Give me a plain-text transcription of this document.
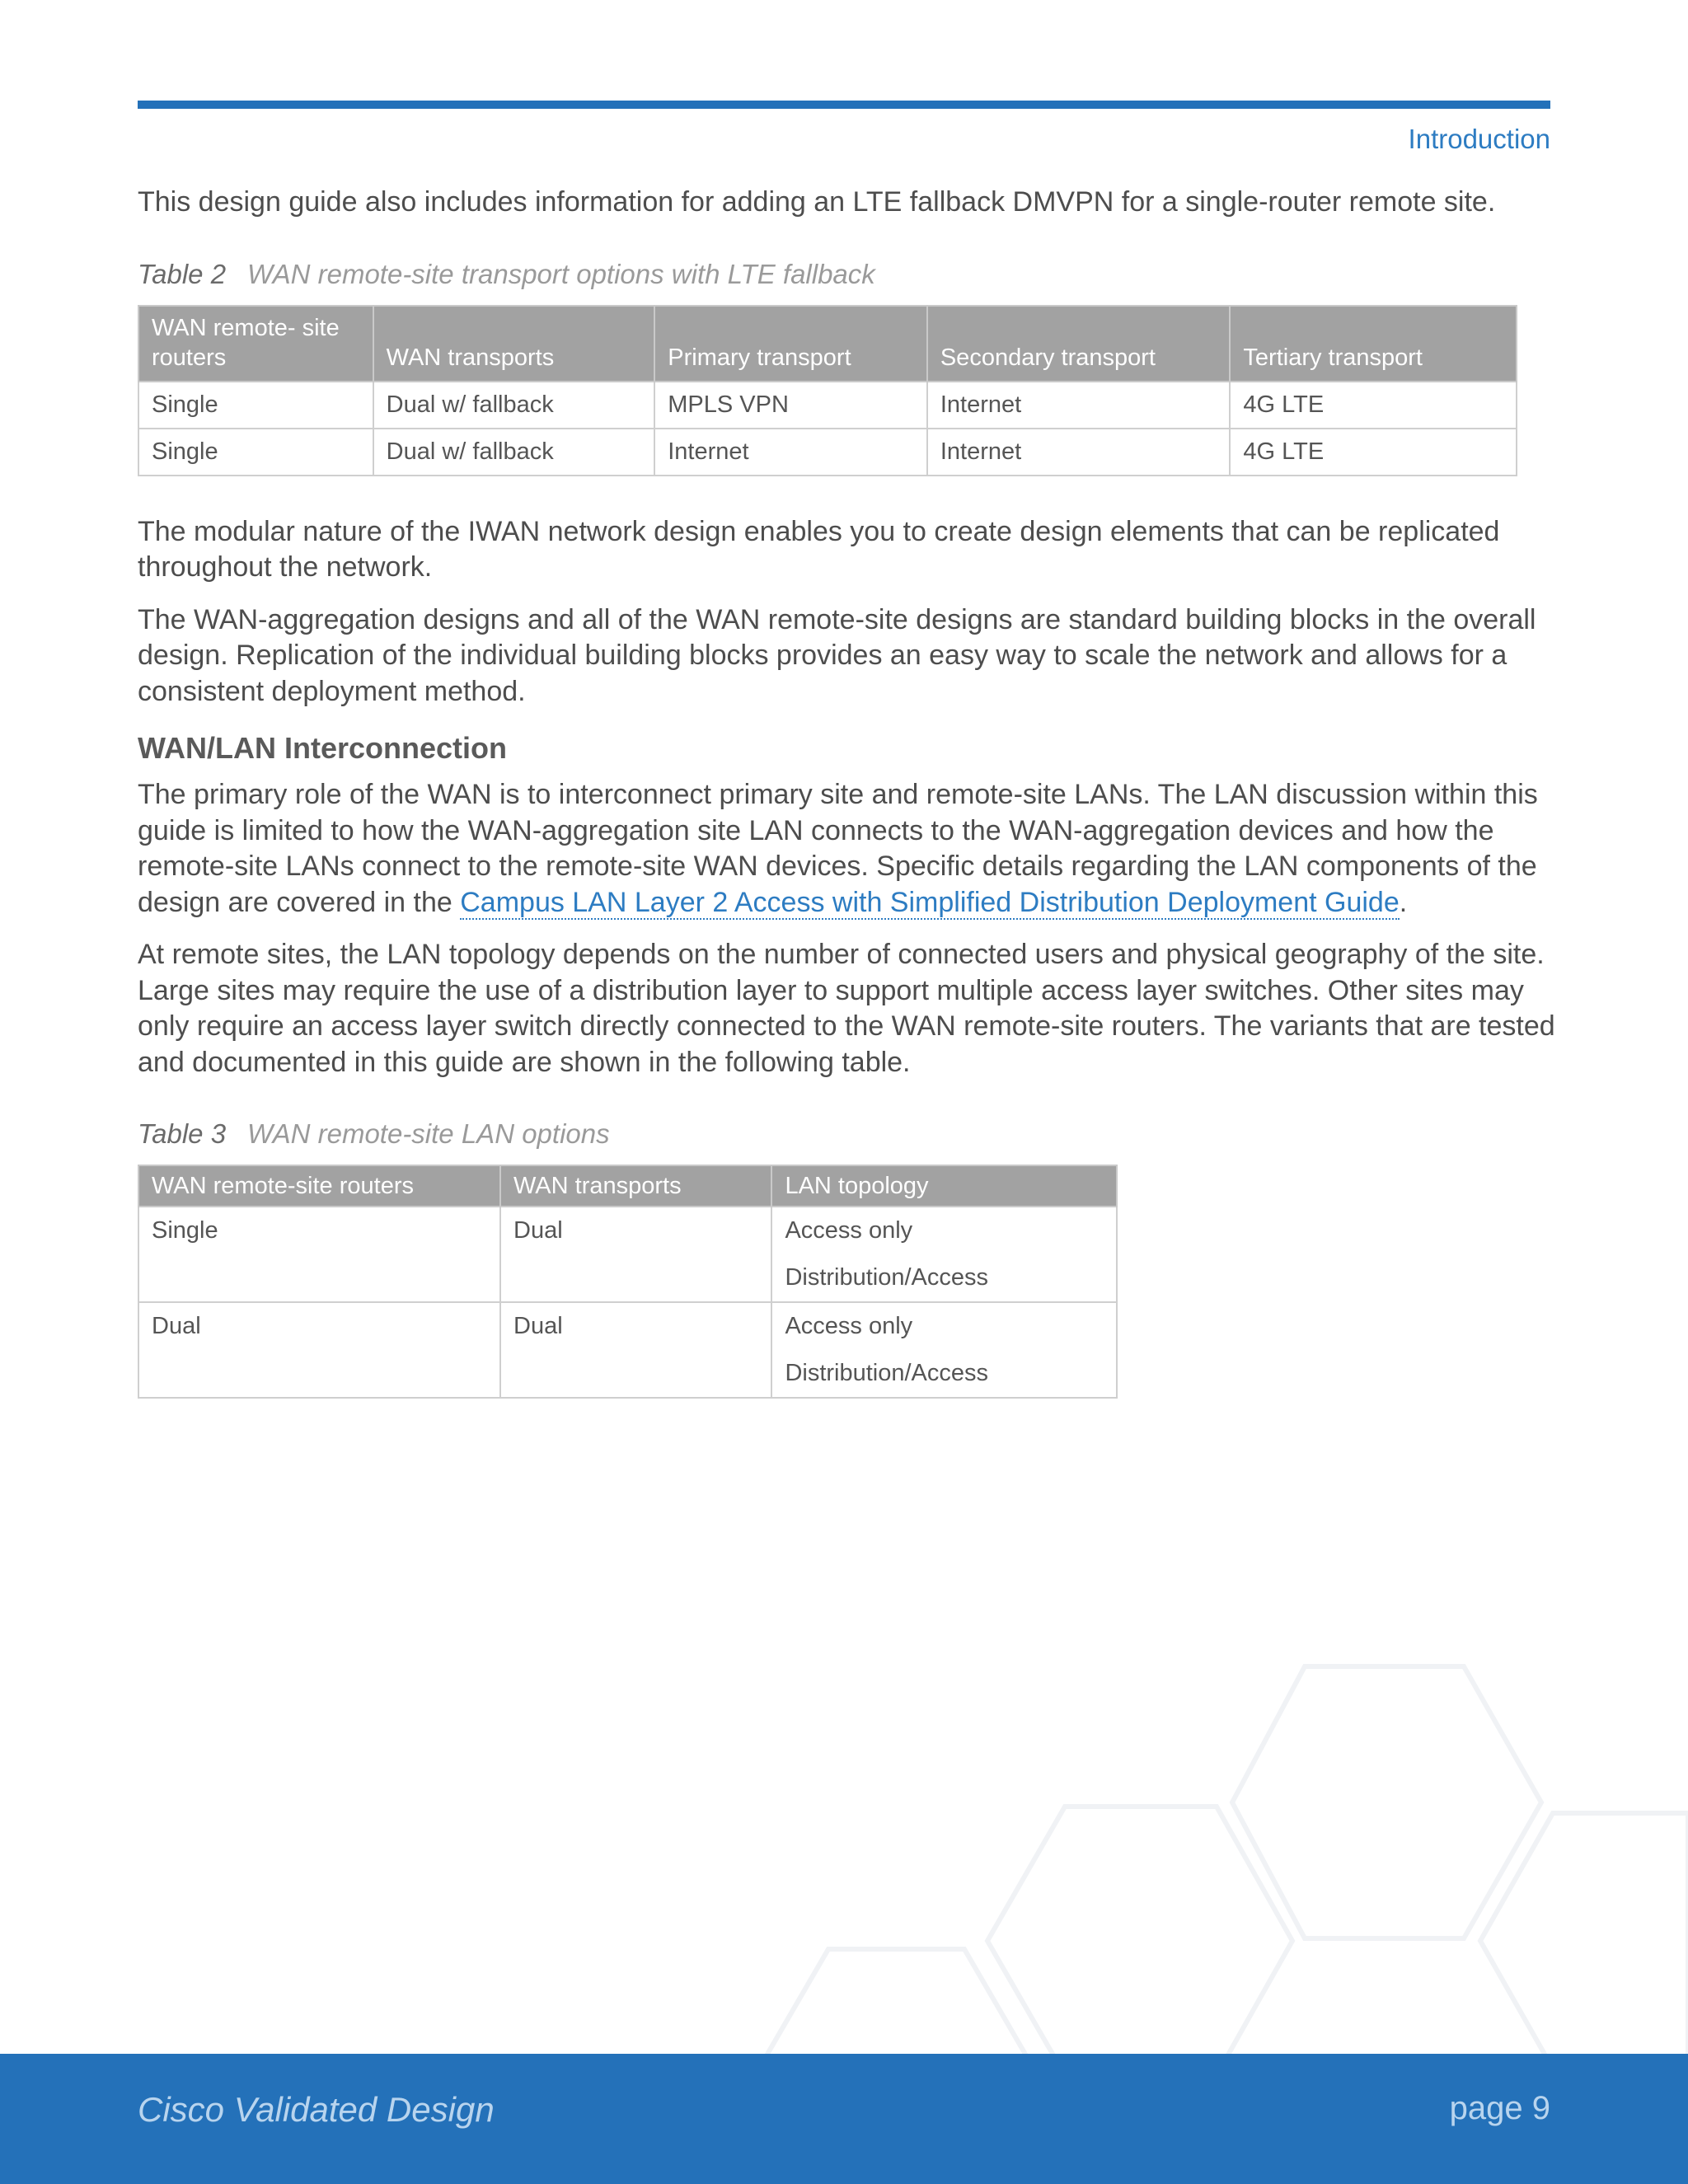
Introduction

This design guide also includes information for adding an LTE fallback DMVPN for a single-router remote site.

Table 2 WAN remote-site transport options with LTE fallback
WAN remote- site routers	WAN transports	Primary transport	Secondary transport	Tertiary transport
Single	Dual w/ fallback	MPLS VPN	Internet	4G LTE
Single	Dual w/ fallback	Internet	Internet	4G LTE

The modular nature of the IWAN network design enables you to create design elements that can be replicated throughout the network.

The WAN-aggregation designs and all of the WAN remote-site designs are standard building blocks in the overall design. Replication of the individual building blocks provides an easy way to scale the network and allows for a consistent deployment method.

WAN/LAN Interconnection

The primary role of the WAN is to interconnect primary site and remote-site LANs. The LAN discussion within this guide is limited to how the WAN-aggregation site LAN connects to the WAN-aggregation devices and how the remote-site LANs connect to the remote-site WAN devices. Specific details regarding the LAN components of the design are covered in the Campus LAN Layer 2 Access with Simplified Distribution Deployment Guide.

At remote sites, the LAN topology depends on the number of connected users and physical geography of the site. Large sites may require the use of a distribution layer to support multiple access layer switches. Other sites may only require an access layer switch directly connected to the WAN remote-site routers. The variants that are tested and documented in this guide are shown in the following table.

Table 3 WAN remote-site LAN options
WAN remote-site routers	WAN transports	LAN topology
Single	Dual	Access only
Distribution/Access

Dual	Dual	Access only
Distribution/Access
Cisco Validated Design	page 9
